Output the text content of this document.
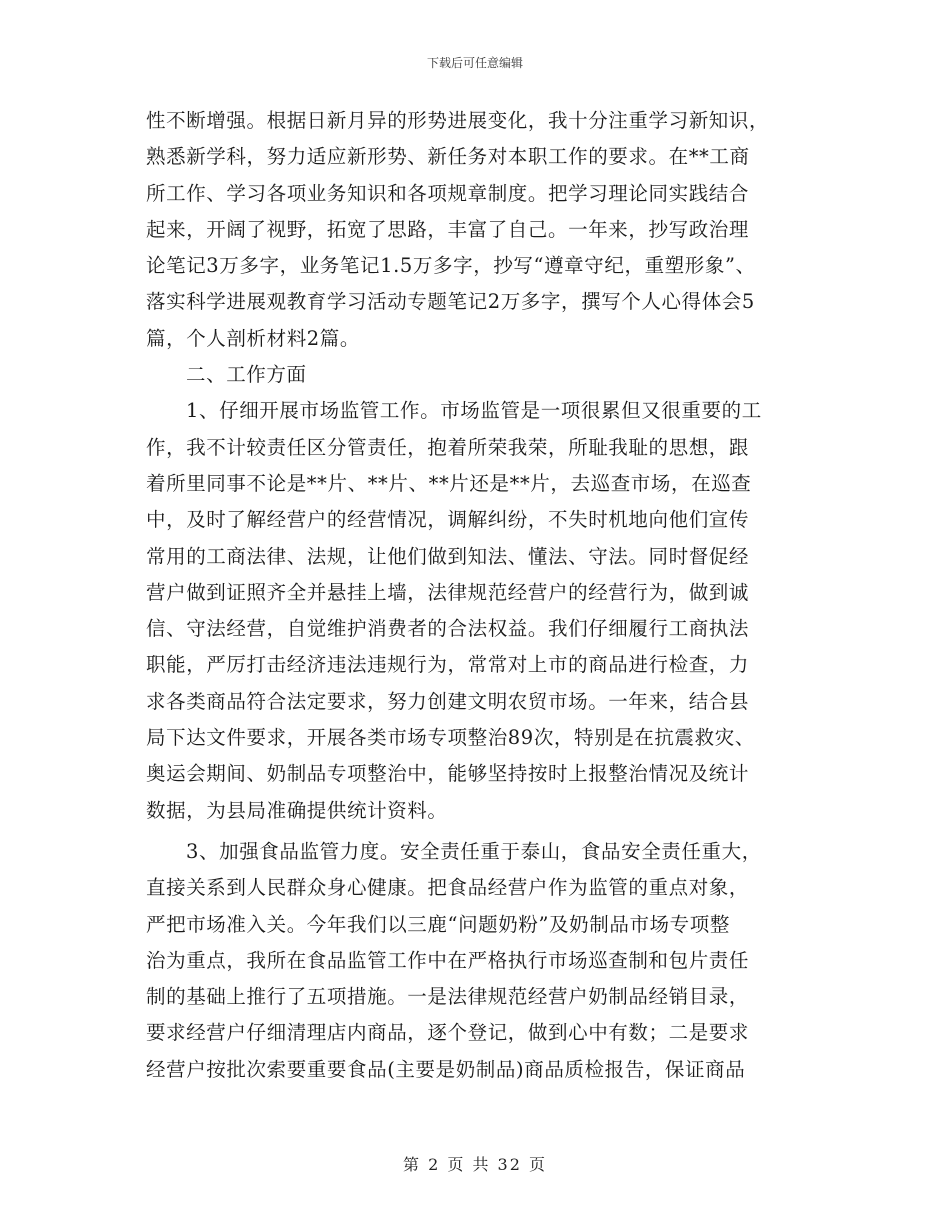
下载后可任意编辑
性不断增强。根据日新月异的形势进展变化，我十分注重学习新知识，
熟悉新学科，努力适应新形势、新任务对本职工作的要求。在**工商
所工作、学习各项业务知识和各项规章制度。把学习理论同实践结合
起来，开阔了视野，拓宽了思路，丰富了自己。一年来，抄写政治理
论笔记3万多字，业务笔记1.5万多字，抄写“遵章守纪，重塑形象”、
落实科学进展观教育学习活动专题笔记2万多字，撰写个人心得体会5
篇，个人剖析材料2篇。
二、工作方面
1、仔细开展市场监管工作。市场监管是一项很累但又很重要的工
作，我不计较责任区分管责任，抱着所荣我荣，所耻我耻的思想，跟
着所里同事不论是**片、**片、**片还是**片，去巡查市场，在巡查
中，及时了解经营户的经营情况，调解纠纷，不失时机地向他们宣传
常用的工商法律、法规，让他们做到知法、懂法、守法。同时督促经
营户做到证照齐全并悬挂上墙，法律规范经营户的经营行为，做到诚
信、守法经营，自觉维护消费者的合法权益。我们仔细履行工商执法
职能，严厉打击经济违法违规行为，常常对上市的商品进行检查，力
求各类商品符合法定要求，努力创建文明农贸市场。一年来，结合县
局下达文件要求，开展各类市场专项整治89次，特别是在抗震救灾、
奥运会期间、奶制品专项整治中，能够坚持按时上报整治情况及统计
数据，为县局准确提供统计资料。
3、加强食品监管力度。安全责任重于泰山，食品安全责任重大，
直接关系到人民群众身心健康。把食品经营户作为监管的重点对象，
严把市场准入关。今年我们以三鹿“问题奶粉”及奶制品市场专项整
治为重点，我所在食品监管工作中在严格执行市场巡查制和包片责任
制的基础上推行了五项措施。一是法律规范经营户奶制品经销目录，
要求经营户仔细清理店内商品，逐个登记，做到心中有数；二是要求
经营户按批次索要重要食品(主要是奶制品)商品质检报告，保证商品
第 2 页 共 32 页
